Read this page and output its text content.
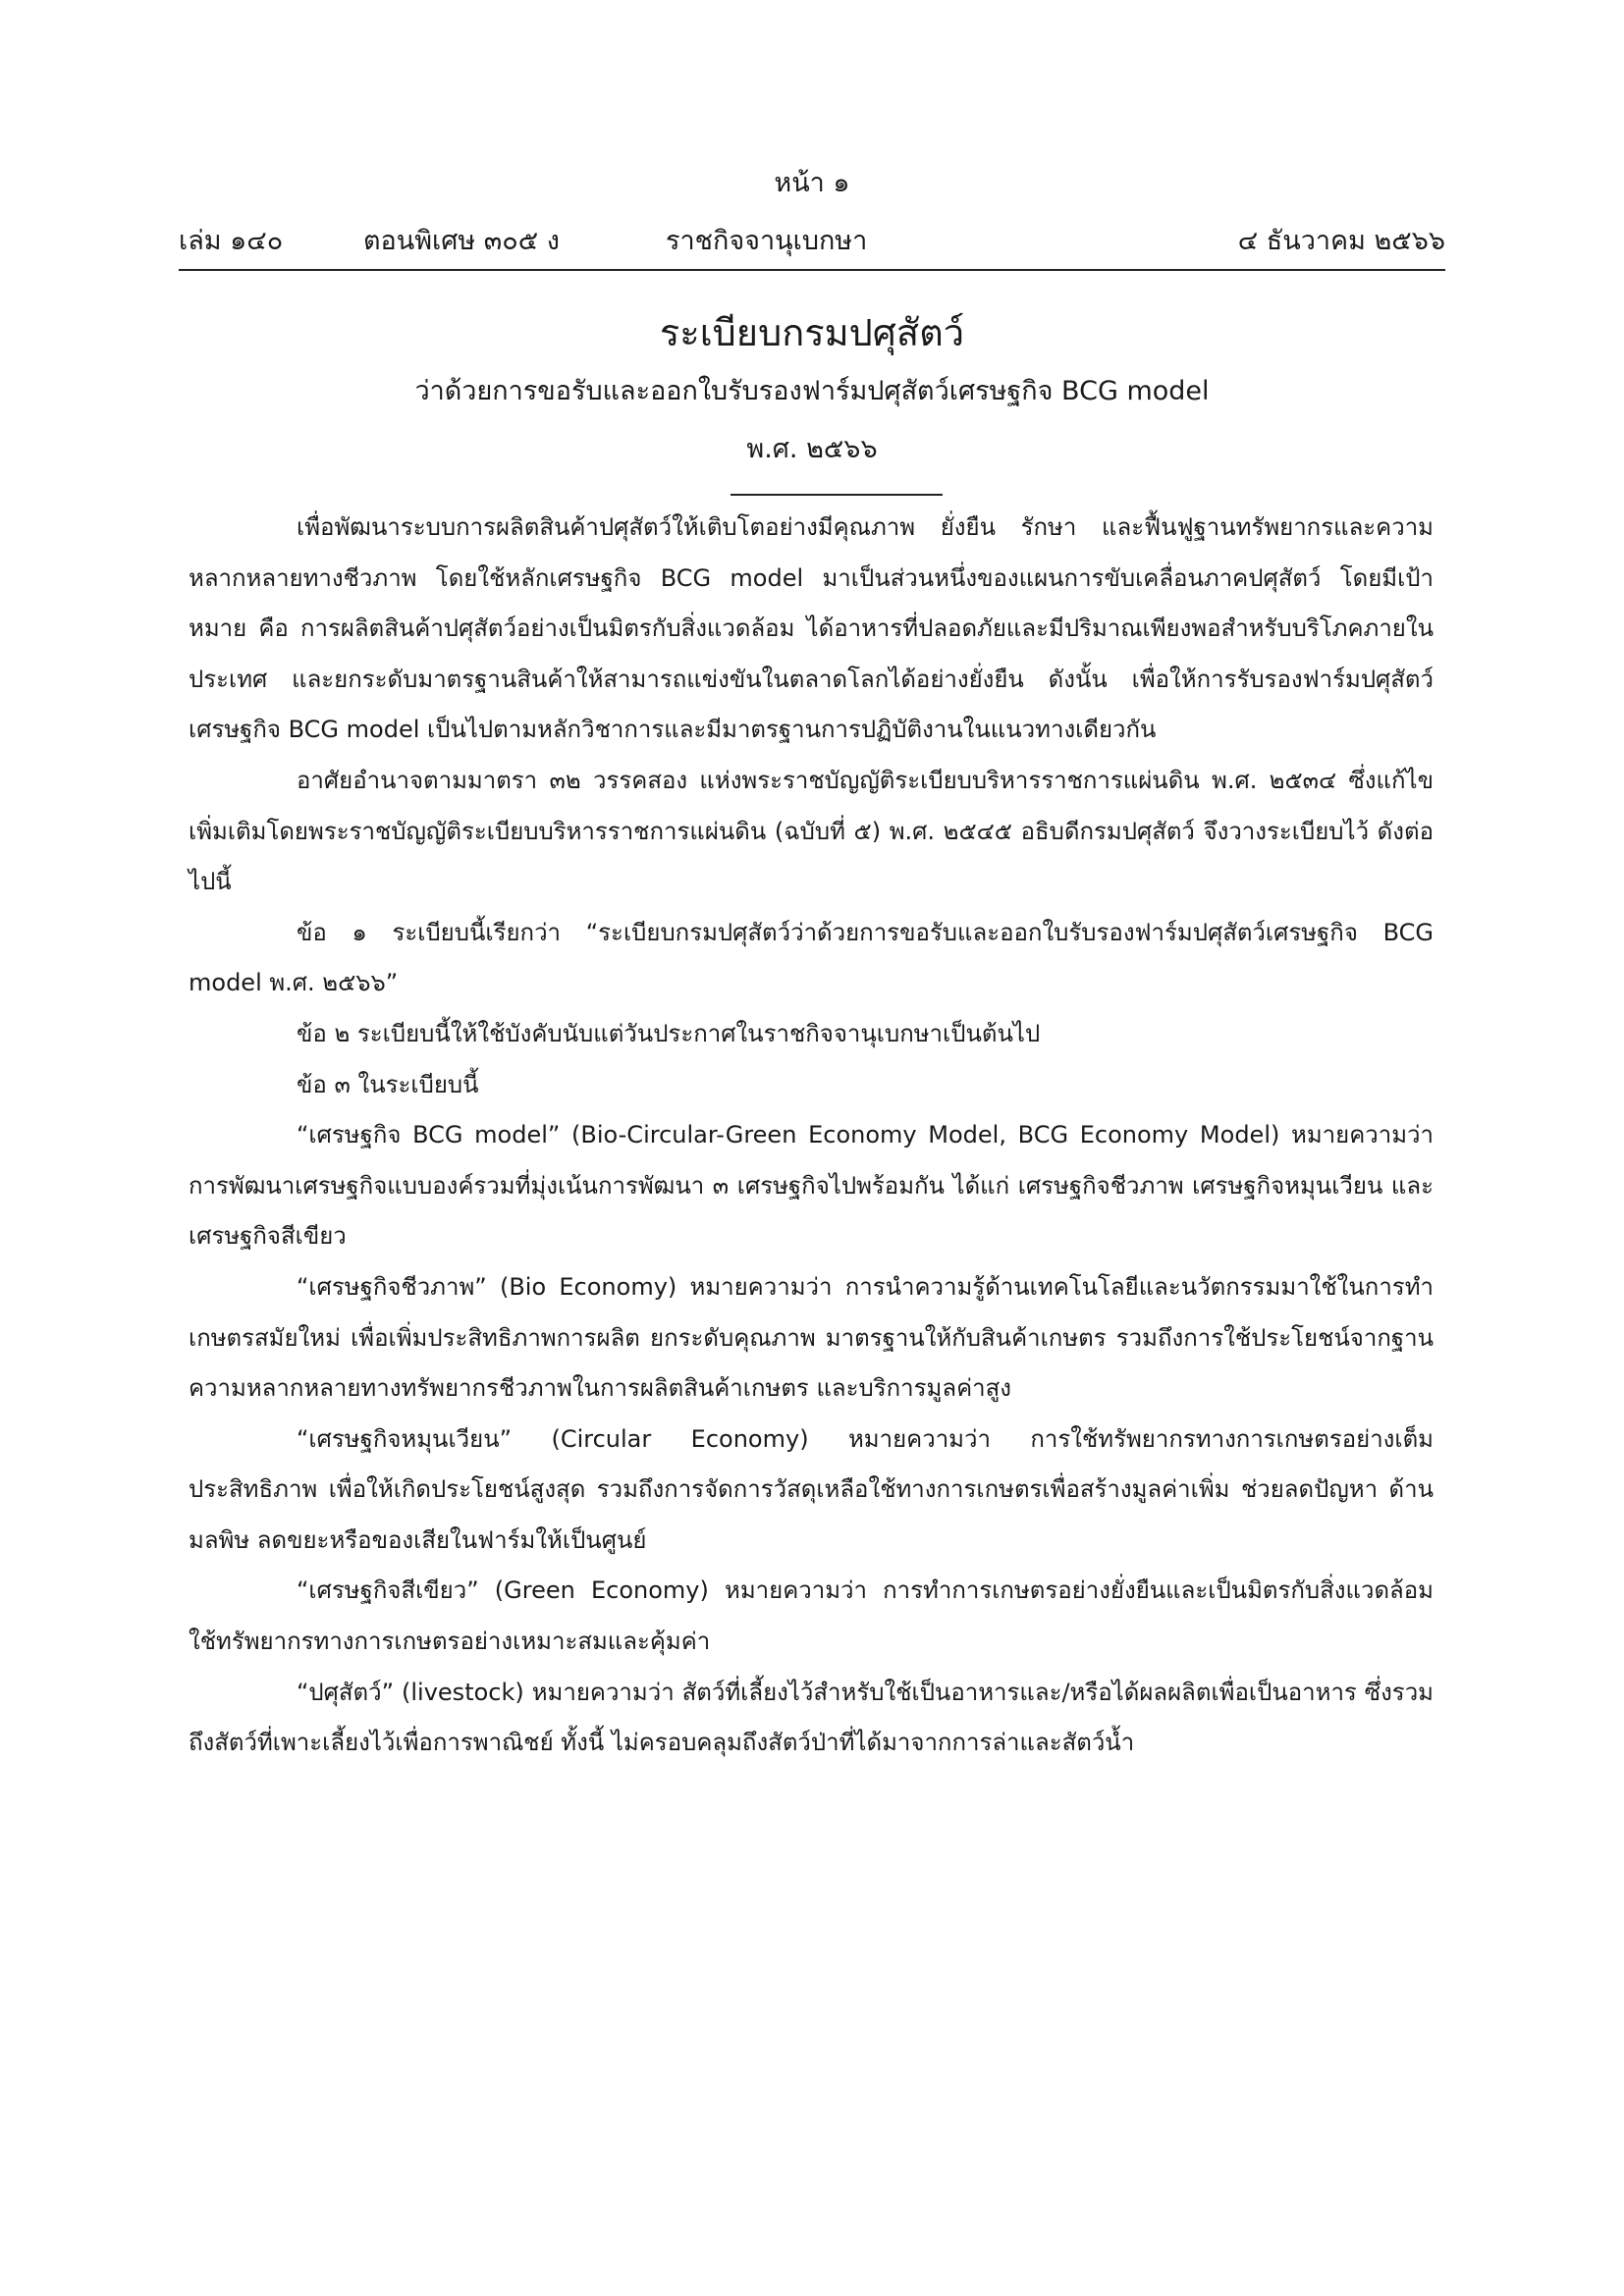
หน้า ๑
เล่ม ๑๔๐	ตอนพิเศษ ๓๐๕ ง	ราชกิจจานุเบกษา	๔ ธันวาคม ๒๕๖๖
ระเบียบกรมปศุสัตว์
ว่าด้วยการขอรับและออกใบรับรองฟาร์มปศุสัตว์เศรษฐกิจ BCG model
พ.ศ. ๒๕๖๖

เพื่อพัฒนาระบบการผลิตสินค้าปศุสัตว์ให้เติบโตอย่างมีคุณภาพ ยั่งยืน รักษา และฟื้นฟูฐานทรัพยากรและความหลากหลายทางชีวภาพ โดยใช้หลักเศรษฐกิจ BCG model มาเป็นส่วนหนึ่งของแผนการขับเคลื่อนภาคปศุสัตว์ โดยมีเป้าหมาย คือ การผลิตสินค้าปศุสัตว์อย่างเป็นมิตรกับสิ่งแวดล้อม ได้อาหารที่ปลอดภัยและมีปริมาณเพียงพอสำหรับบริโภคภายในประเทศ และยกระดับมาตรฐานสินค้าให้สามารถแข่งขันในตลาดโลกได้อย่างยั่งยืน ดังนั้น เพื่อให้การรับรองฟาร์มปศุสัตว์เศรษฐกิจ BCG model เป็นไปตามหลักวิชาการและมีมาตรฐานการปฏิบัติงานในแนวทางเดียวกัน

อาศัยอำนาจตามมาตรา ๓๒ วรรคสอง แห่งพระราชบัญญัติระเบียบบริหารราชการแผ่นดิน พ.ศ. ๒๕๓๔ ซึ่งแก้ไขเพิ่มเติมโดยพระราชบัญญัติระเบียบบริหารราชการแผ่นดิน (ฉบับที่ ๕) พ.ศ. ๒๕๔๕ อธิบดีกรมปศุสัตว์ จึงวางระเบียบไว้ ดังต่อไปนี้

ข้อ ๑ ระเบียบนี้เรียกว่า “ระเบียบกรมปศุสัตว์ว่าด้วยการขอรับและออกใบรับรองฟาร์มปศุสัตว์เศรษฐกิจ BCG model พ.ศ. ๒๕๖๖”

ข้อ ๒ ระเบียบนี้ให้ใช้บังคับนับแต่วันประกาศในราชกิจจานุเบกษาเป็นต้นไป

ข้อ ๓ ในระเบียบนี้

“เศรษฐกิจ BCG model” (Bio-Circular-Green Economy Model, BCG Economy Model) หมายความว่า การพัฒนาเศรษฐกิจแบบองค์รวมที่มุ่งเน้นการพัฒนา ๓ เศรษฐกิจไปพร้อมกัน ได้แก่ เศรษฐกิจชีวภาพ เศรษฐกิจหมุนเวียน และเศรษฐกิจสีเขียว

“เศรษฐกิจชีวภาพ” (Bio Economy) หมายความว่า การนำความรู้ด้านเทคโนโลยีและนวัตกรรมมาใช้ในการทำเกษตรสมัยใหม่ เพื่อเพิ่มประสิทธิภาพการผลิต ยกระดับคุณภาพ มาตรฐานให้กับสินค้าเกษตร รวมถึงการใช้ประโยชน์จากฐานความหลากหลายทางทรัพยากรชีวภาพในการผลิตสินค้าเกษตร และบริการมูลค่าสูง

“เศรษฐกิจหมุนเวียน” (Circular Economy) หมายความว่า การใช้ทรัพยากรทางการเกษตรอย่างเต็มประสิทธิภาพ เพื่อให้เกิดประโยชน์สูงสุด รวมถึงการจัดการวัสดุเหลือใช้ทางการเกษตรเพื่อสร้างมูลค่าเพิ่ม ช่วยลดปัญหา ด้านมลพิษ ลดขยะหรือของเสียในฟาร์มให้เป็นศูนย์

“เศรษฐกิจสีเขียว” (Green Economy) หมายความว่า การทำการเกษตรอย่างยั่งยืนและเป็นมิตรกับสิ่งแวดล้อม ใช้ทรัพยากรทางการเกษตรอย่างเหมาะสมและคุ้มค่า

“ปศุสัตว์” (livestock) หมายความว่า สัตว์ที่เลี้ยงไว้สำหรับใช้เป็นอาหารและ/หรือได้ผลผลิตเพื่อเป็นอาหาร ซึ่งรวมถึงสัตว์ที่เพาะเลี้ยงไว้เพื่อการพาณิชย์ ทั้งนี้ ไม่ครอบคลุมถึงสัตว์ป่าที่ได้มาจากการล่าและสัตว์น้ำ
